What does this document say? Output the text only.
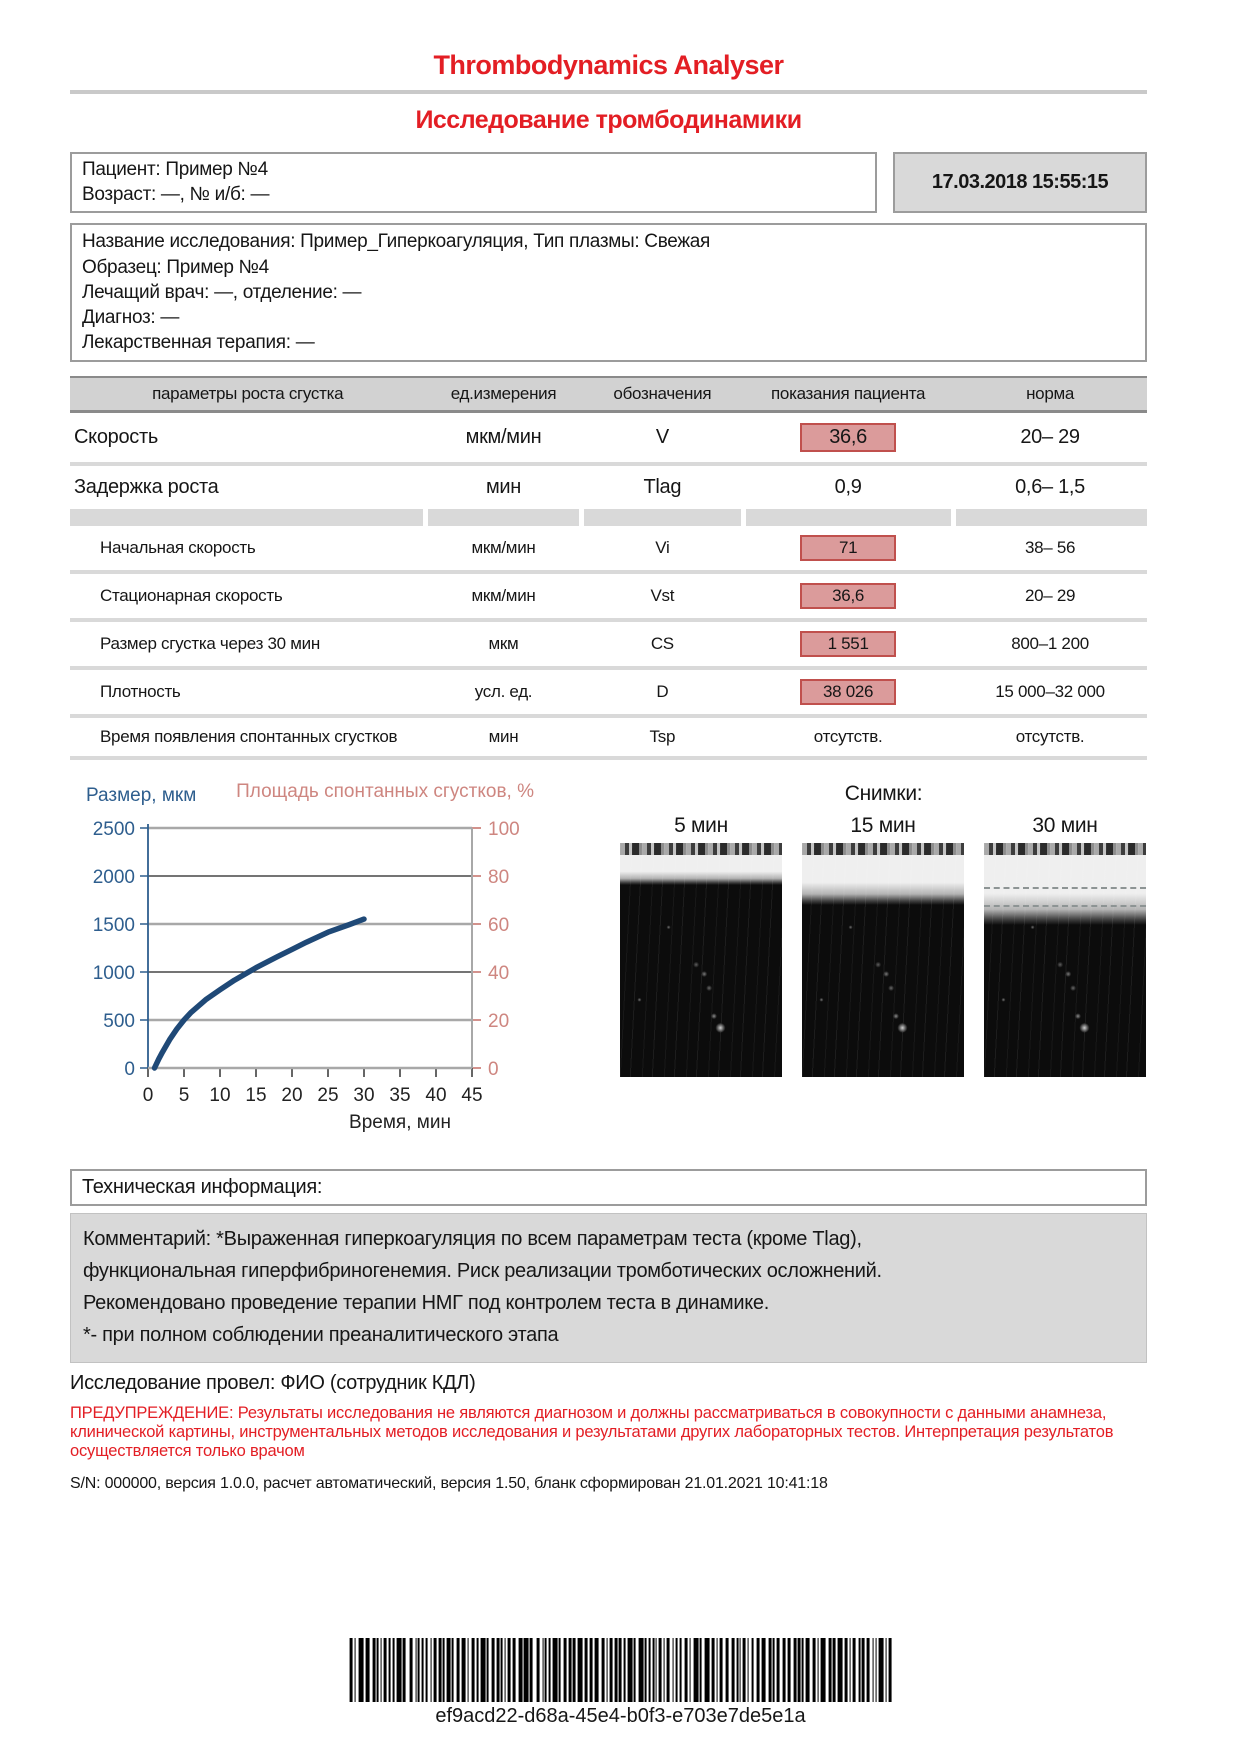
Thrombodynamics Analyser
Исследование тромбодинамики
Пациент: Пример №4
Возраст: —, № и/б: —
17.03.2018 15:55:15
Название исследования: Пример_Гиперкоагуляция, Тип плазмы: Свежая
Образец: Пример №4
Лечащий врач: —, отделение: —
Диагноз: —
Лекарственная терапия: —
параметры роста сгустка	ед.измерения	обозначения	показания пациента	норма
Скорость	мкм/мин	V	36,6	20– 29
Задержка роста	мин	Tlag	0,9	0,6– 1,5

Начальная скорость	мкм/мин	Vi	71	38– 56
Стационарная скорость	мкм/мин	Vst	36,6	20– 29
Размер сгустка через 30 мин	мкм	CS	1 551	800–1 200
Плотность	усл. ед.	D	38 026	15 000–32 000
Время появления спонтанных сгустков	мин	Tsp	отсутств.	отсутств.
Размер, мкм Площадь спонтанных сгустков, %
0	0
500	20
1000	40
1500	60
2000	80
2500	100
0 5 10 15 20 25 30 35 40 45
Время, мин
Снимки:
5 мин	15 мин	30 мин
Техническая информация:
Комментарий: *Выраженная гиперкоагуляция по всем параметрам теста (кроме Tlag),
функциональная гиперфибриногенемия. Риск реализации тромботических осложнений.
Рекомендовано проведение терапии НМГ под контролем теста в динамике.
*- при полном соблюдении преаналитического этапа
Исследование провел: ФИО (сотрудник КДЛ)
ПРЕДУПРЕЖДЕНИЕ: Результаты исследования не являются диагнозом и должны рассматриваться в совокупности с данными анамнеза, клинической картины, инструментальных методов исследования и результатами других лабораторных тестов. Интерпретация результатов осуществляется только врачом
S/N: 000000, версия 1.0.0, расчет автоматический, версия 1.50, бланк сформирован 21.01.2021 10:41:18
ef9acd22-d68a-45e4-b0f3-e703e7de5e1a
